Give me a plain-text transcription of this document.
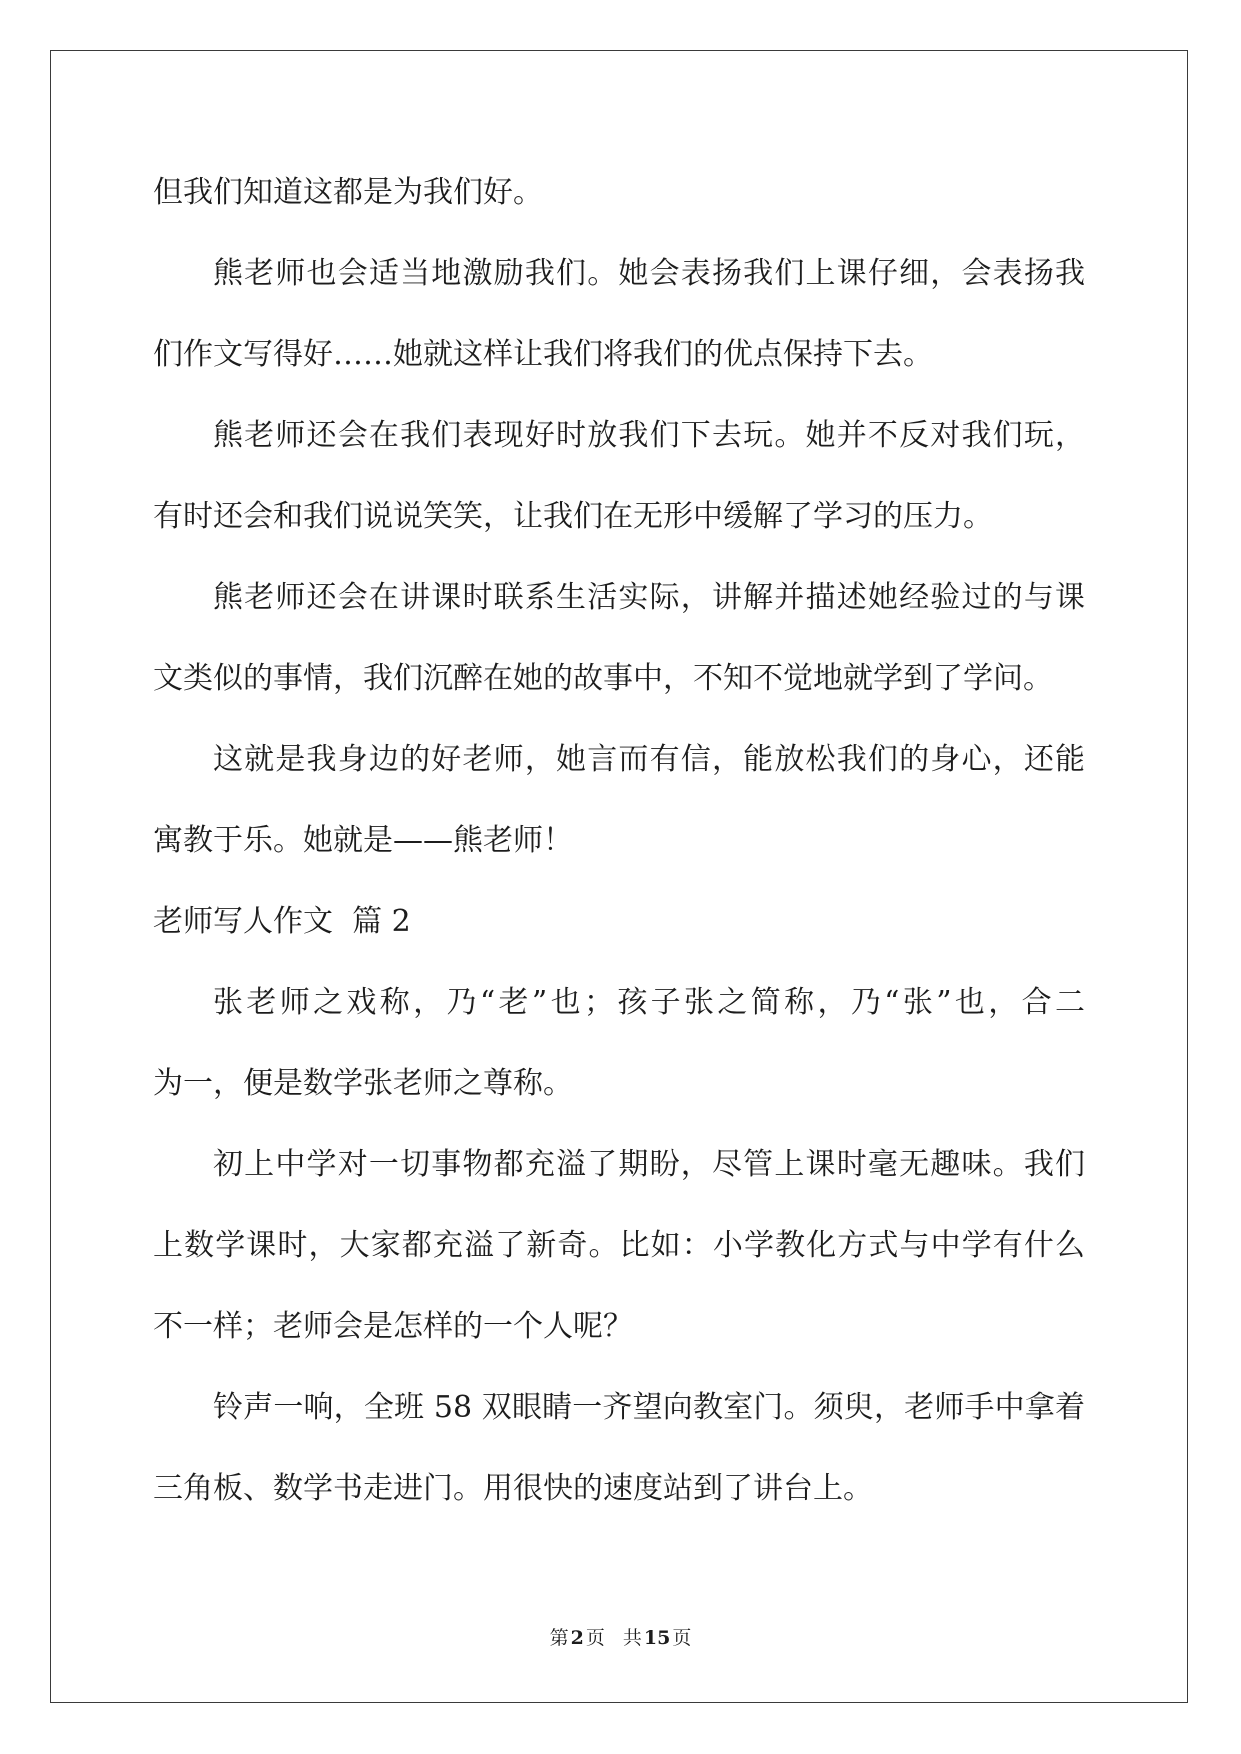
但我们知道这都是为我们好。
熊老师也会适当地激励我们。她会表扬我们上课仔细，会表扬我
们作文写得好……她就这样让我们将我们的优点保持下去。
熊老师还会在我们表现好时放我们下去玩。她并不反对我们玩，
有时还会和我们说说笑笑，让我们在无形中缓解了学习的压力。
熊老师还会在讲课时联系生活实际，讲解并描述她经验过的与课
文类似的事情，我们沉醉在她的故事中，不知不觉地就学到了学问。
这就是我身边的好老师，她言而有信，能放松我们的身心，还能
寓教于乐。她就是——熊老师！
老师写人作文  篇 2
张老师之戏称，乃“老”也；孩子张之简称，乃“张”也，合二
为一，便是数学张老师之尊称。
初上中学对一切事物都充溢了期盼，尽管上课时毫无趣味。我们
上数学课时，大家都充溢了新奇。比如：小学教化方式与中学有什么
不一样；老师会是怎样的一个人呢？
铃声一响，全班 58 双眼睛一齐望向教室门。须臾，老师手中拿着
三角板、数学书走进门。用很快的速度站到了讲台上。
第 2 页 共 15 页
